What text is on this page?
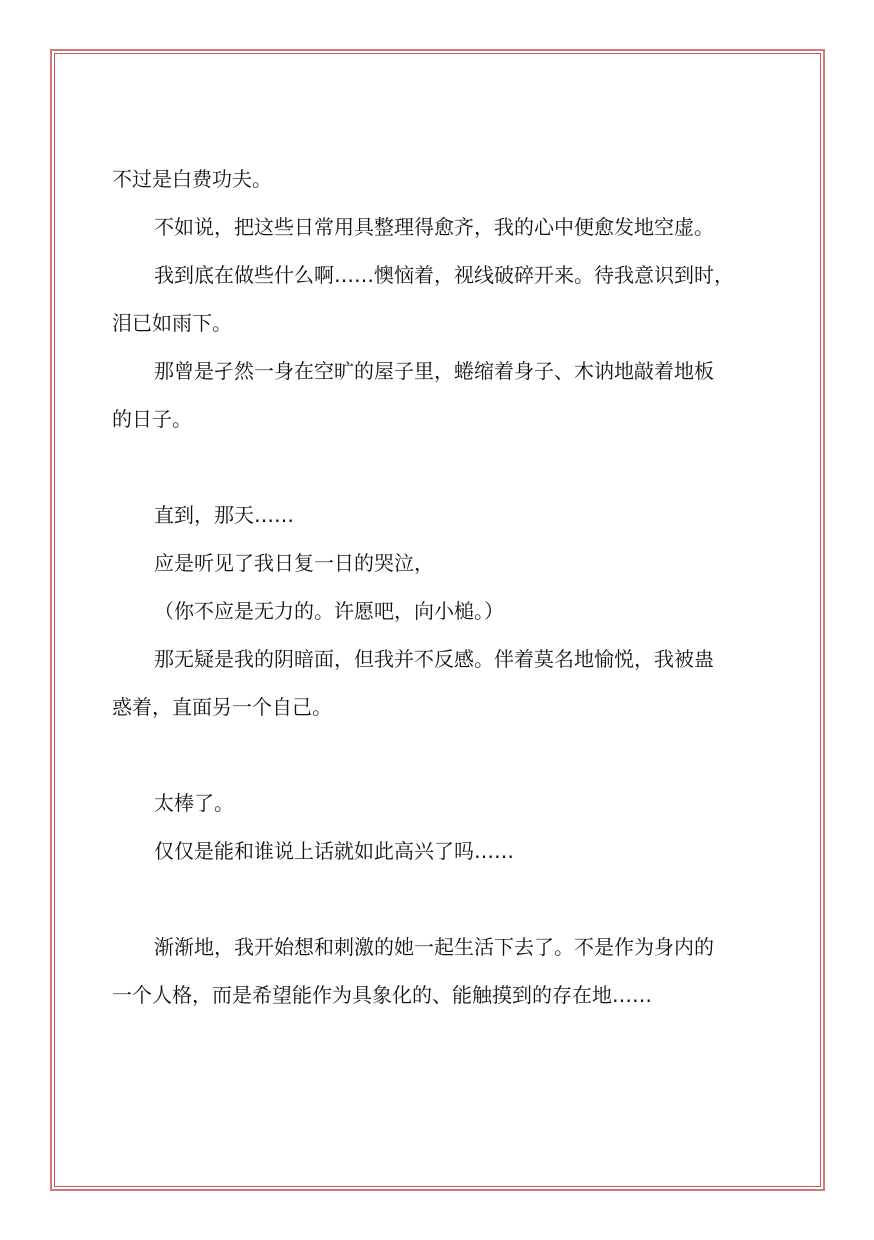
不过是白费功夫。
不如说，把这些日常用具整理得愈齐，我的心中便愈发地空虚。
我到底在做些什么啊……懊恼着，视线破碎开来。待我意识到时，
泪已如雨下。
那曾是孑然一身在空旷的屋子里，蜷缩着身子、木讷地敲着地板
的日子。
直到，那天……
应是听见了我日复一日的哭泣，
（你不应是无力的。许愿吧，向小槌。）
那无疑是我的阴暗面，但我并不反感。伴着莫名地愉悦，我被蛊
惑着，直面另一个自己。
太棒了。
仅仅是能和谁说上话就如此高兴了吗……
渐渐地，我开始想和刺激的她一起生活下去了。不是作为身内的
一个人格，而是希望能作为具象化的、能触摸到的存在地……
